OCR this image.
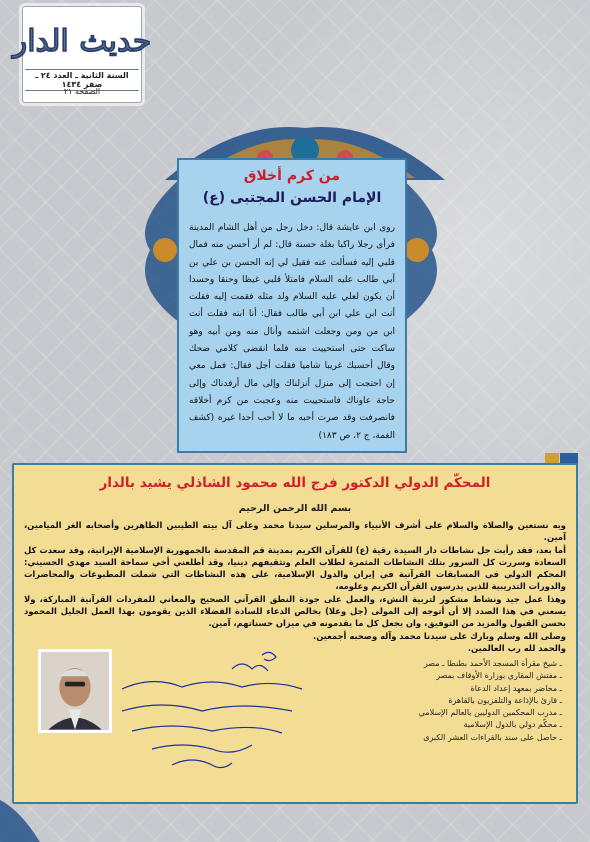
حديث الدار
السنة الثانية ـ العدد ٢٤ ـ صفر ١٤٣٤
الصفحة ٢١
من كرم أخلاق
الإمام الحسن المجتبى (ع)

روى ابن عايشة قال: دخل رجل من أهل الشام المدينة فرأى رجلا راكبا بغلة حسنة قال: لم أر أحسن منه فمال قلبي إليه فسألت عنه فقيل لي إنه الحسن بن علي بن أبي طالب عليه السلام فامتلأ قلبي غيظا وحنقا وحسدا أن يكون لعلي عليه السلام ولد مثله فقمت إليه فقلت أنت ابن علي ابن أبي طالب فقال: أنا ابنه فقلت أنت ابن من ومن وجعلت اشتمه وأنال منه ومن أبيه وهو ساكت حتى استحييت منه فلما انقضى كلامي ضحك وقال أحسبك غريبا شاميا فقلت أجل فقال: فمل معي إن احتجت إلى منزل أنزلناك وإلى مال أرفدناك وإلى حاجة عاوناك فاستحييت منه وعجبت من كرم أخلاقه فانصرفت وقد صرت أحبه ما لا أحب أحدا غيره (كشف الغمة، ج ٢، ص ١٨٣)

المحكّم الدولي الدكتور فرج الله محمود الشاذلي يشيد بالدار
بسم الله الرحمن الرحيم

وبه نستعين والصلاة والسلام على أشرف الأنبياء والمرسلين سيدنا محمد وعلى آل بيته الطيبين الطاهرين وأصحابه الغر الميامين، آمين.

أما بعد، فقد رأيت جل نشاطات دار السيدة رقية (ع) للقرآن الكريم بمدينة قم المقدسة بالجمهورية الإسلامية الإيرانية، وقد سعدت كل السعادة وسررت كل السرور بتلك النشاطات المثمرة لطلاب العلم وتثقيفهم دينيا، وقد أطلعني أخي سماحة السيد مهدي الحسيني: المحكم الدولي في المسابقات القرآنية في إيران والدول الإسلامية، على هذه النشاطات التي شملت المطبوعات والمحاضرات والدورات التدريبية للذين يدرسون القرآن الكريم وعلومه،

وهذا عمل جيد ونشاط مشكور لتربية النشء، والعمل على جودة النطق القرآني الصحيح والمعاني للمفردات القرآنية المباركة، ولا يسعني في هذا الصدد إلا أن أتوجه إلى المولى (جل وعلا) بخالص الدعاء للسادة الفضلاء الذين يقومون بهذا العمل الجليل المحمود بحسن القبول والمزيد من التوفيق، وان يجعل كل ما يقدمونه في ميزان حسناتهم، آمين.

وصلى الله وسلم وبارك على سيدنا محمد وآله وصحبه أجمعين.

والحمد لله رب العالمين.

ـ شيخ مقرأة المسجد الأحمد بطنطا ـ مصر
ـ مفتش المقاري بوزارة الأوقاف بمصر
ـ محاضر بمعهد إعداد الدعاة
ـ قارئ بالإذاعة والتلفزيون بالقاهرة
ـ مدرب المحكمين الدوليين بالعالم الإسلامي
ـ محكّم دولي بالدول الإسلامية
ـ حاصل على سند بالقراءات العشر الكبرى
